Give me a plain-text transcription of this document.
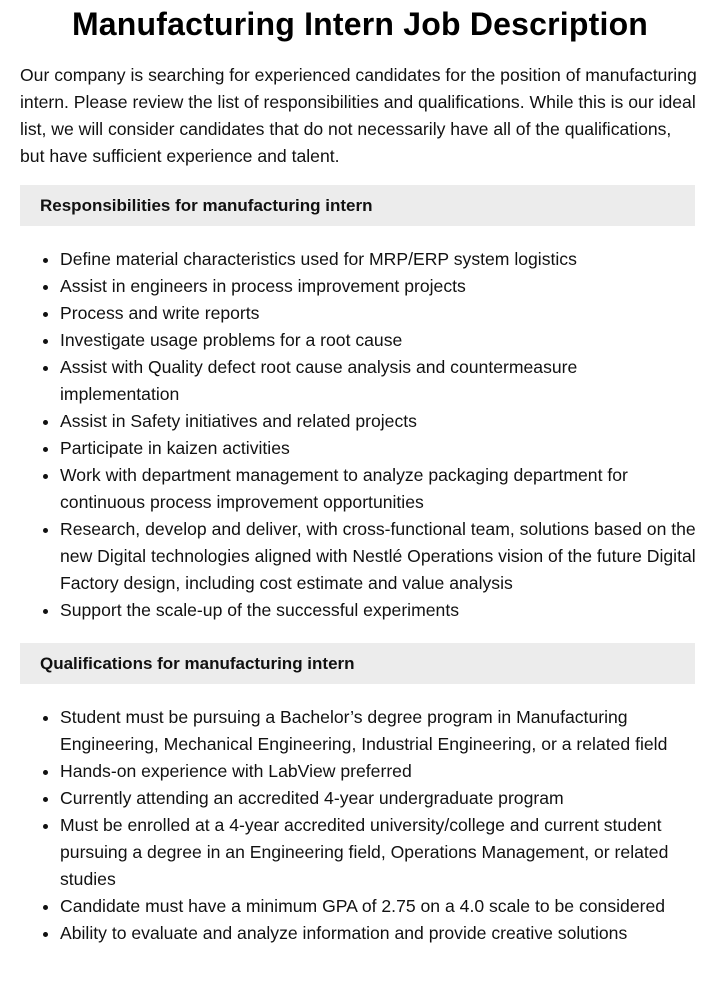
Manufacturing Intern Job Description

Our company is searching for experienced candidates for the position of manufacturing intern. Please review the list of responsibilities and qualifications. While this is our ideal list, we will consider candidates that do not necessarily have all of the qualifications, but have sufficient experience and talent.

Responsibilities for manufacturing intern
• Define material characteristics used for MRP/ERP system logistics
• Assist in engineers in process improvement projects
• Process and write reports
• Investigate usage problems for a root cause
• Assist with Quality defect root cause analysis and countermeasure implementation
• Assist in Safety initiatives and related projects
• Participate in kaizen activities
• Work with department management to analyze packaging department for continuous process improvement opportunities
• Research, develop and deliver, with cross-functional team, solutions based on the new Digital technologies aligned with Nestlé Operations vision of the future Digital Factory design, including cost estimate and value analysis
• Support the scale-up of the successful experiments
Qualifications for manufacturing intern
• Student must be pursuing a Bachelor’s degree program in Manufacturing Engineering, Mechanical Engineering, Industrial Engineering, or a related field
• Hands-on experience with LabView preferred
• Currently attending an accredited 4-year undergraduate program
• Must be enrolled at a 4-year accredited university/college and current student pursuing a degree in an Engineering field, Operations Management, or related studies
• Candidate must have a minimum GPA of 2.75 on a 4.0 scale to be considered
• Ability to evaluate and analyze information and provide creative solutions
